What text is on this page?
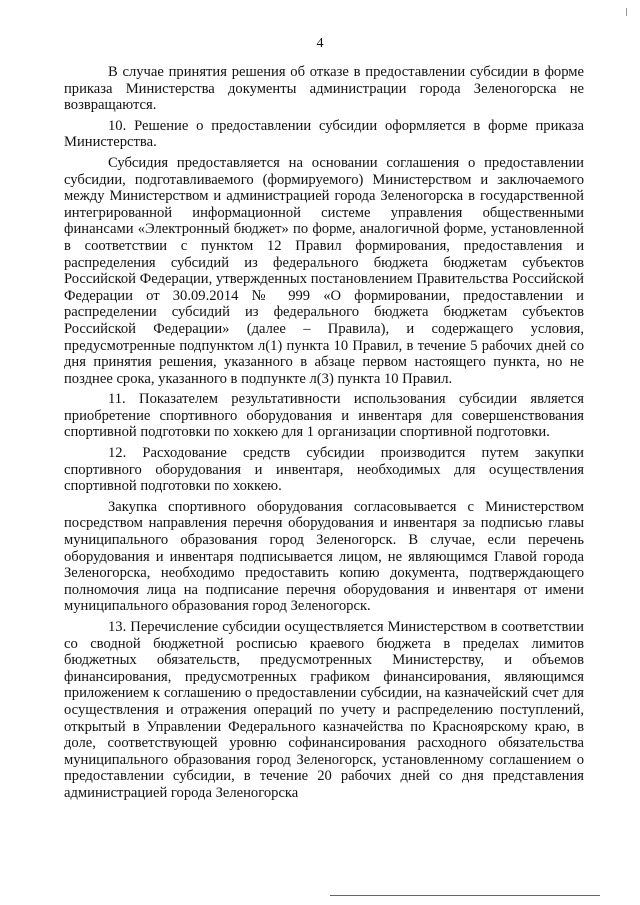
4

В случае принятия решения об отказе в предоставлении субсидии в форме приказа Министерства документы администрации города Зеленогорска не возвращаются.

10. Решение о предоставлении субсидии оформляется в форме приказа Министерства.

Субсидия предоставляется на основании соглашения о предоставлении субсидии, подготавливаемого (формируемого) Министерством и заключаемого между Министерством и администрацией города Зеленогорска в государственной интегрированной информационной системе управления общественными финансами «Электронный бюджет» по форме, аналогичной форме, установленной в соответствии с пунктом 12 Правил формирования, предоставления и распределения субсидий из федерального бюджета бюджетам субъектов Российской Федерации, утвержденных постановлением Правительства Российской Федерации от 30.09.2014 № 999 «О формировании, предоставлении и распределении субсидий из федерального бюджета бюджетам субъектов Российской Федерации» (далее – Правила), и содержащего условия, предусмотренные подпунктом л(1) пункта 10 Правил, в течение 5 рабочих дней со дня принятия решения, указанного в абзаце первом настоящего пункта, но не позднее срока, указанного в подпункте л(3) пункта 10 Правил.

11. Показателем результативности использования субсидии является приобретение спортивного оборудования и инвентаря для совершенствования спортивной подготовки по хоккею для 1 организации спортивной подготовки.

12. Расходование средств субсидии производится путем закупки спортивного оборудования и инвентаря, необходимых для осуществления спортивной подготовки по хоккею.

Закупка спортивного оборудования согласовывается с Министерством посредством направления перечня оборудования и инвентаря за подписью главы муниципального образования город Зеленогорск. В случае, если перечень оборудования и инвентаря подписывается лицом, не являющимся Главой города Зеленогорска, необходимо предоставить копию документа, подтверждающего полномочия лица на подписание перечня оборудования и инвентаря от имени муниципального образования город Зеленогорск.

13. Перечисление субсидии осуществляется Министерством в соответствии со сводной бюджетной росписью краевого бюджета в пределах лимитов бюджетных обязательств, предусмотренных Министерству, и объемов финансирования, предусмотренных графиком финансирования, являющимся приложением к соглашению о предоставлении субсидии, на казначейский счет для осуществления и отражения операций по учету и распределению поступлений, открытый в Управлении Федерального казначейства по Красноярскому краю, в доле, соответствующей уровню софинансирования расходного обязательства муниципального образования город Зеленогорск, установленному соглашением о предоставлении субсидии, в течение 20 рабочих дней со дня представления администрацией города Зеленогорска
